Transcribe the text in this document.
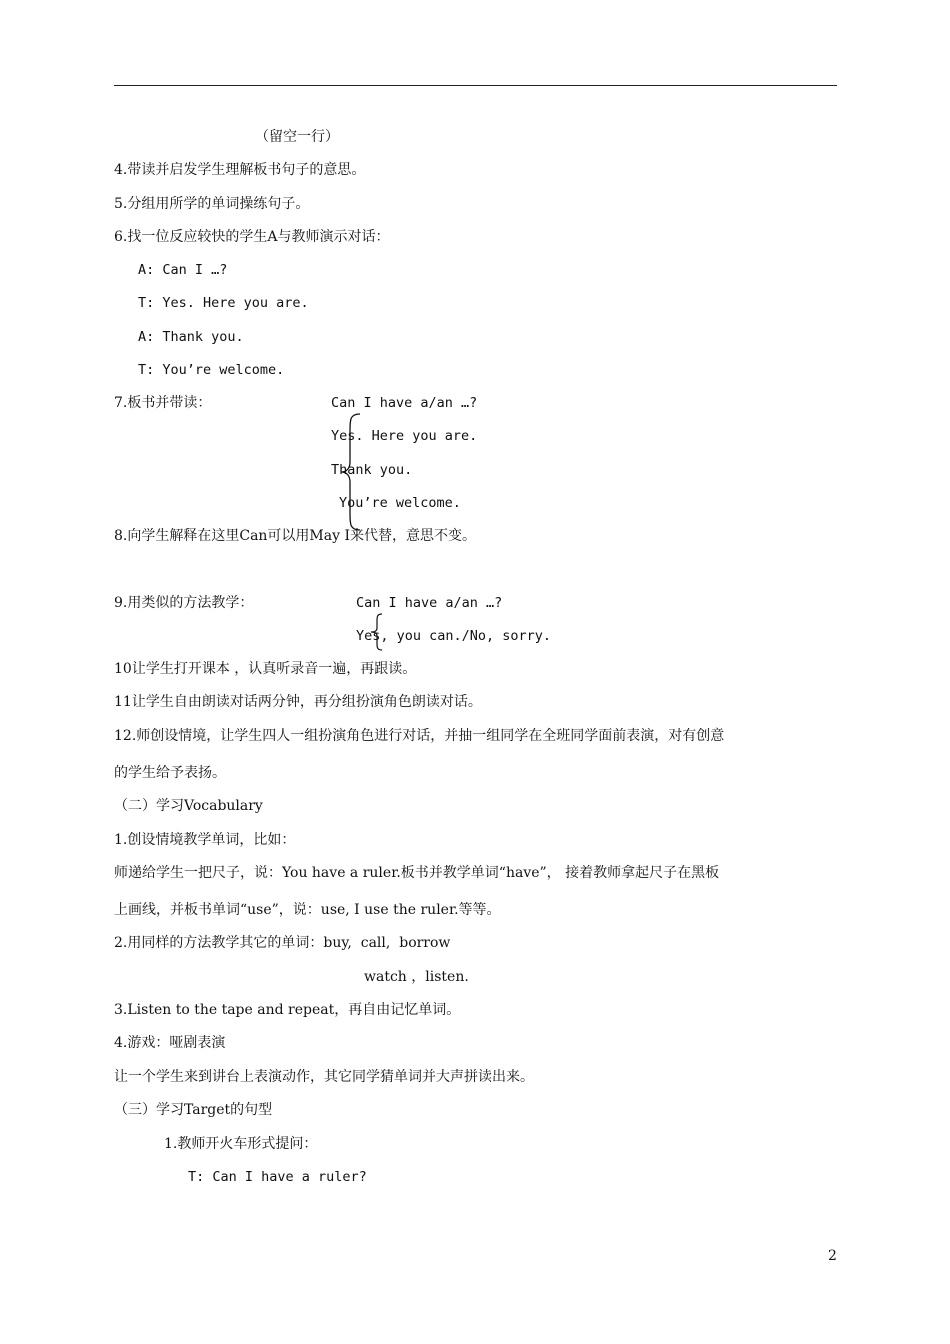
（留空一行）
4.带读并启发学生理解板书句子的意思。
5.分组用所学的单词操练句子。
6.找一位反应较快的学生A与教师演示对话：
A: Can I …?
T: Yes. Here you are.
A: Thank you.
T: You’re welcome.
7.板书并带读：	Can I have a/an …?
Yes. Here you are.
Thank you.
You’re welcome.
8.向学生解释在这里Can可以用May I来代替，意思不变。
9.用类似的方法教学：	Can I have a/an …?
Yes, you can./No, sorry.
10让学生打开课本 ，认真听录音一遍，再跟读。
11让学生自由朗读对话两分钟，再分组扮演角色朗读对话。
12.师创设情境，让学生四人一组扮演角色进行对话，并抽一组同学在全班同学面前表演，对有创意
的学生给予表扬。
（二）学习Vocabulary
1.创设情境教学单词，比如：
师递给学生一把尺子，说：You have a ruler.板书并教学单词“have”， 接着教师拿起尺子在黑板
上画线，并板书单词“use”，说：use, I use the ruler.等等。
2.用同样的方法教学其它的单词：buy,  call,  borrow
watch ，listen.
3.Listen to the tape and repeat，再自由记忆单词。
4.游戏：哑剧表演
让一个学生来到讲台上表演动作，其它同学猜单词并大声拼读出来。
（三）学习Target的句型
1.教师开火车形式提问：
T: Can I have a ruler?
2
